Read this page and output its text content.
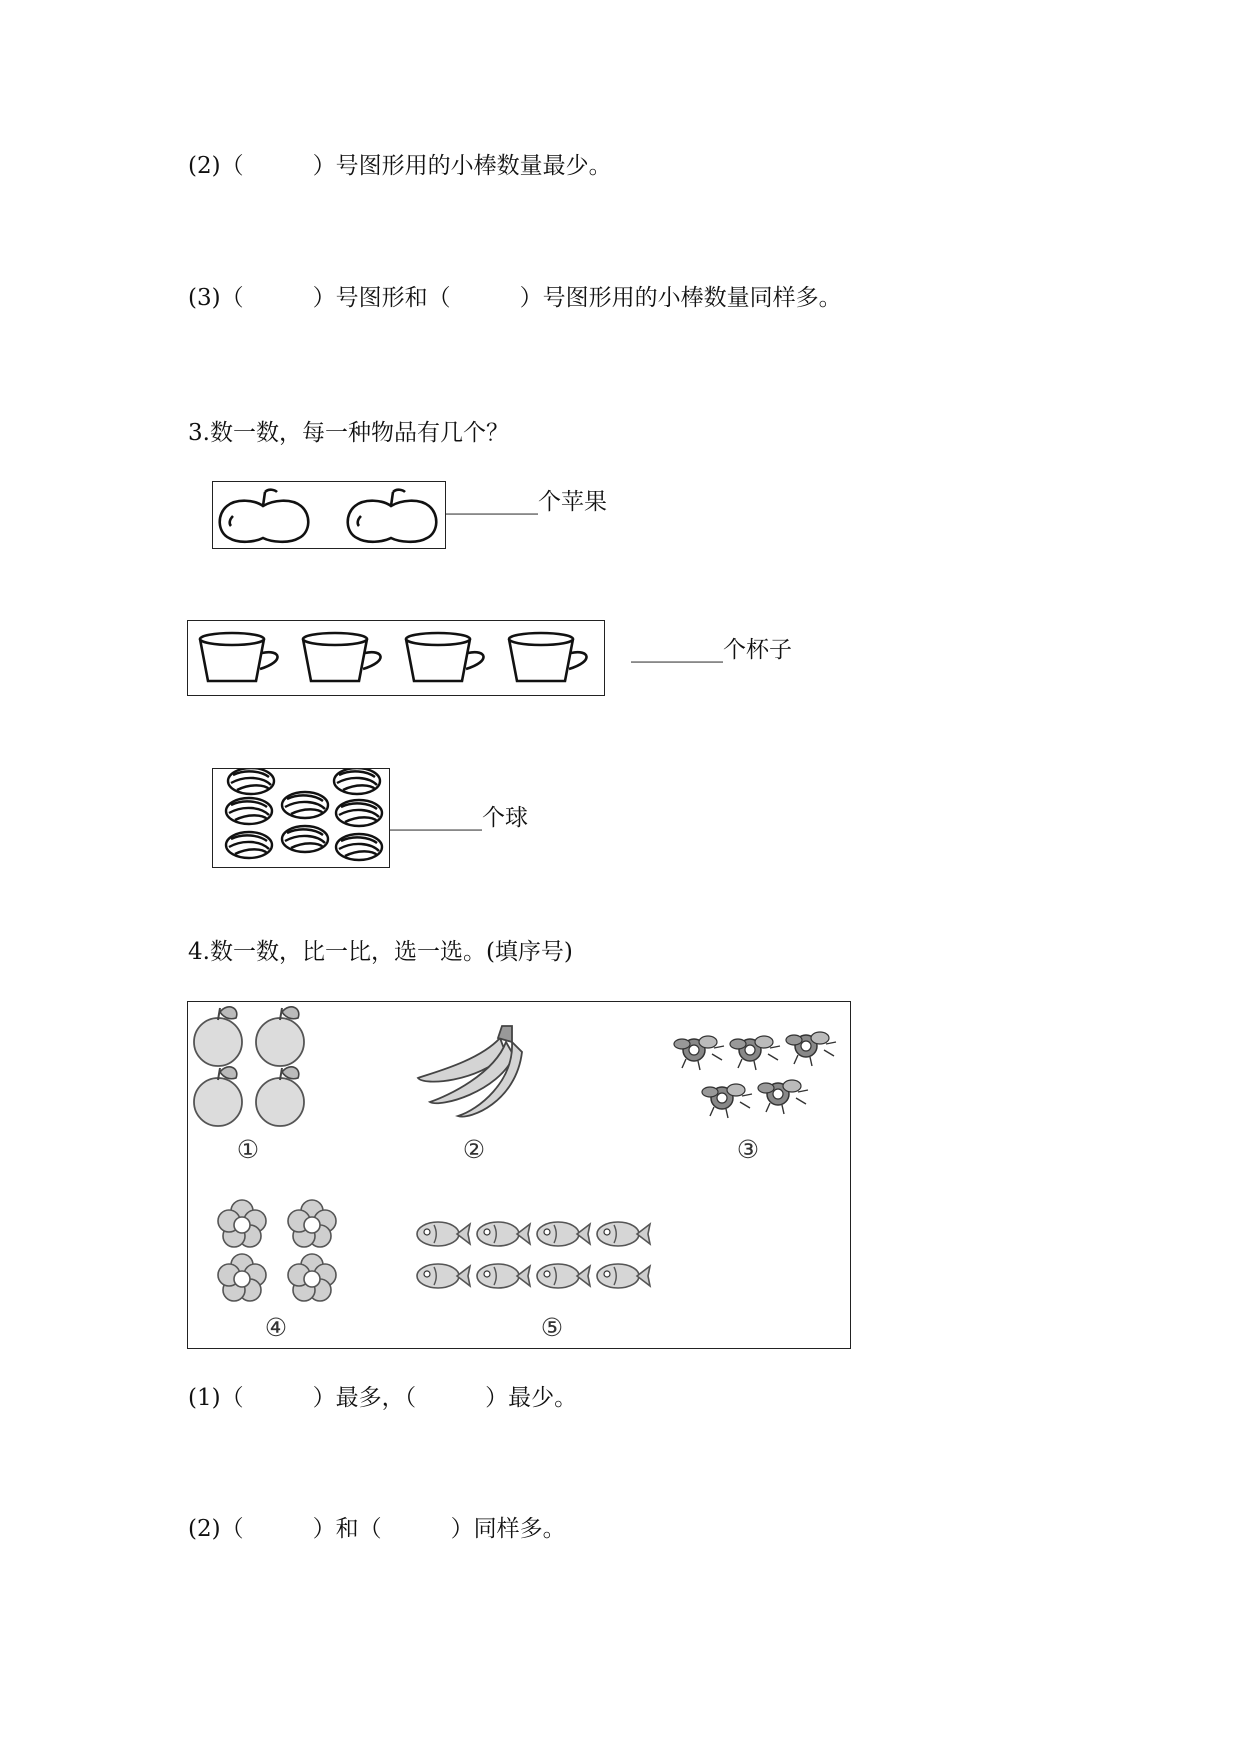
(2)（　　　）号图形用的小棒数量最少。
(3)（　　　）号图形和（　　　）号图形用的小棒数量同样多。
3.数一数，每一种物品有几个？
________个苹果
________个杯子
________个球
4.数一数，比一比，选一选。(填序号)
①	②	③
④	⑤
(1)（　　　）最多，（　　　）最少。
(2)（　　　）和（　　　）同样多。
